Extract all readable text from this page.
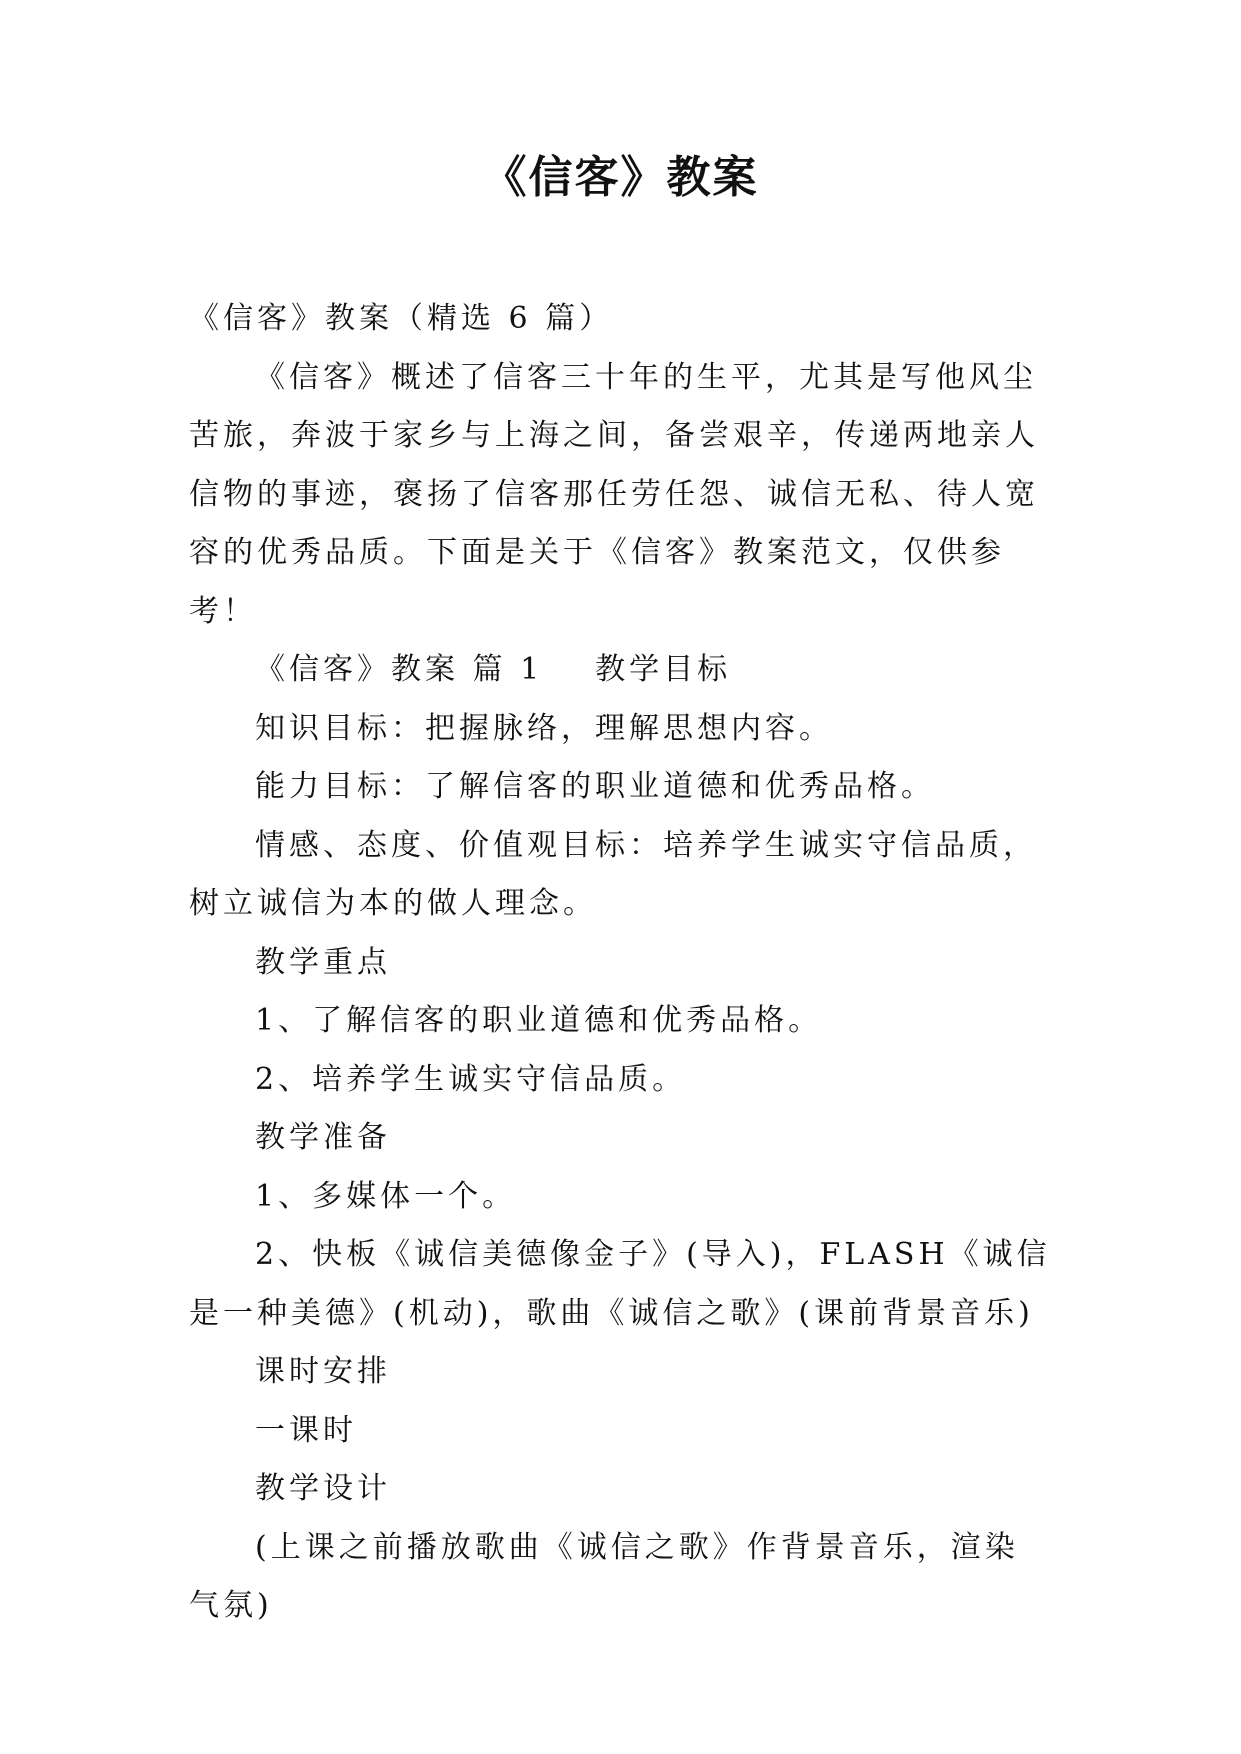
《信客》教案

《信客》教案（精选 6 篇）

《信客》概述了信客三十年的生平，尤其是写他风尘苦旅，奔波于家乡与上海之间，备尝艰辛，传递两地亲人信物的事迹，褒扬了信客那任劳任怨、诚信无私、待人宽容的优秀品质。下面是关于《信客》教案范文，仅供参考！

《信客》教案 篇 1 教学目标

知识目标：把握脉络，理解思想内容。

能力目标：了解信客的职业道德和优秀品格。

情感、态度、价值观目标：培养学生诚实守信品质，树立诚信为本的做人理念。

教学重点

1、了解信客的职业道德和优秀品格。

2、培养学生诚实守信品质。

教学准备

1、多媒体一个。

2、快板《诚信美德像金子》(导入)，FLASH《诚信是一种美德》(机动)，歌曲《诚信之歌》(课前背景音乐)

课时安排

一课时

教学设计

(上课之前播放歌曲《诚信之歌》作背景音乐，渲染气氛)
